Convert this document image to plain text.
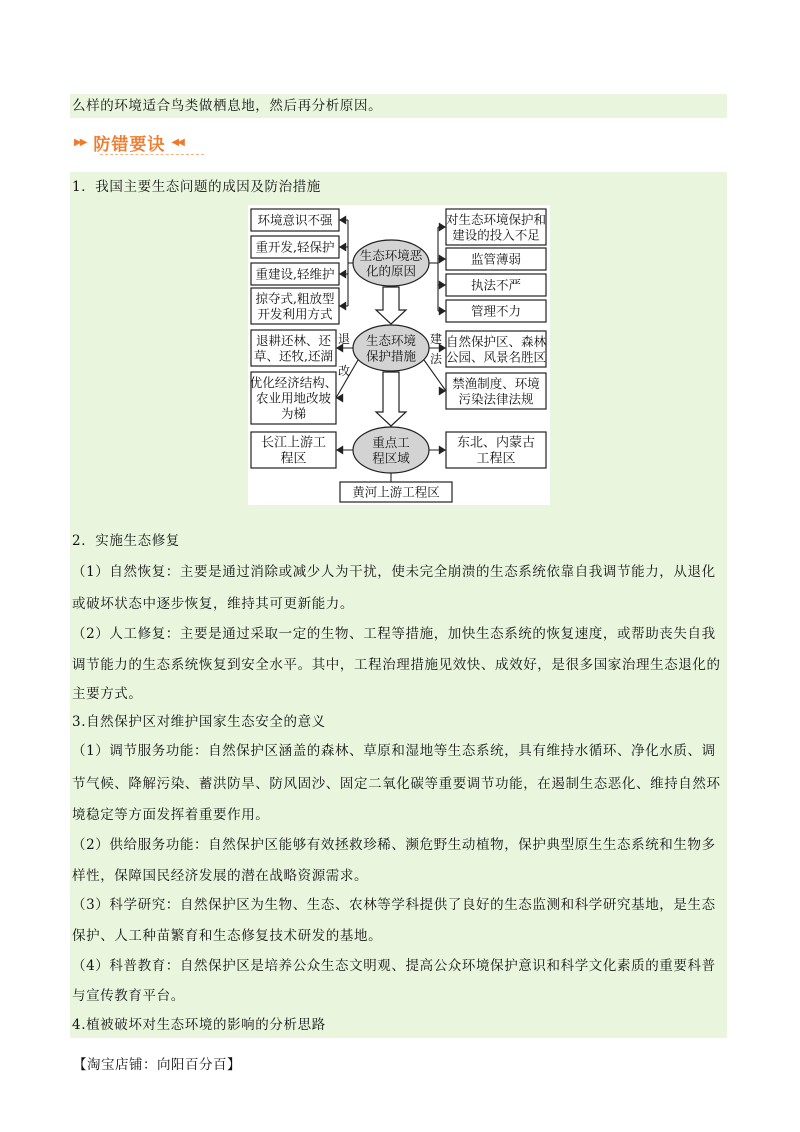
么样的环境适合鸟类做栖息地，然后再分析原因。
▶▶ 防错要诀 ◀◀
1．我国主要生态问题的成因及防治措施
生态环境恶
化的原因
生态环境
保护措施
重点工
程区域
环境意识不强
重开发,轻保护
重建设,轻维护
掠夺式,粗放型
开发利用方式
退耕还林、还
草、还牧,还湖
优化经济结构、
农业用地改坡
为梯
长江上游工
程区
对生态环境保护和
建设的投入不足
监管薄弱
执法不严
管理不力
自然保护区、森林
公园、风景名胜区
禁渔制度、环境
污染法律法规
东北、内蒙古
工程区
黄河上游工程区
退
改
建
法
2．实施生态修复
（1）自然恢复：主要是通过消除或减少人为干扰，使未完全崩溃的生态系统依靠自我调节能力，从退化
或破坏状态中逐步恢复，维持其可更新能力。
（2）人工修复：主要是通过采取一定的生物、工程等措施，加快生态系统的恢复速度，或帮助丧失自我
调节能力的生态系统恢复到安全水平。其中，工程治理措施见效快、成效好，是很多国家治理生态退化的
主要方式。
3.自然保护区对维护国家生态安全的意义
（1）调节服务功能：自然保护区涵盖的森林、草原和湿地等生态系统，具有维持水循环、净化水质、调
节气候、降解污染、蓄洪防旱、防风固沙、固定二氧化碳等重要调节功能，在遏制生态恶化、维持自然环
境稳定等方面发挥着重要作用。
（2）供给服务功能：自然保护区能够有效拯救珍稀、濒危野生动植物，保护典型原生生态系统和生物多
样性，保障国民经济发展的潜在战略资源需求。
（3）科学研究：自然保护区为生物、生态、农林等学科提供了良好的生态监测和科学研究基地，是生态
保护、人工种苗繁育和生态修复技术研发的基地。
（4）科普教育：自然保护区是培养公众生态文明观、提高公众环境保护意识和科学文化素质的重要科普
与宣传教育平台。
4.植被破坏对生态环境的影响的分析思路
【淘宝店铺：向阳百分百】
